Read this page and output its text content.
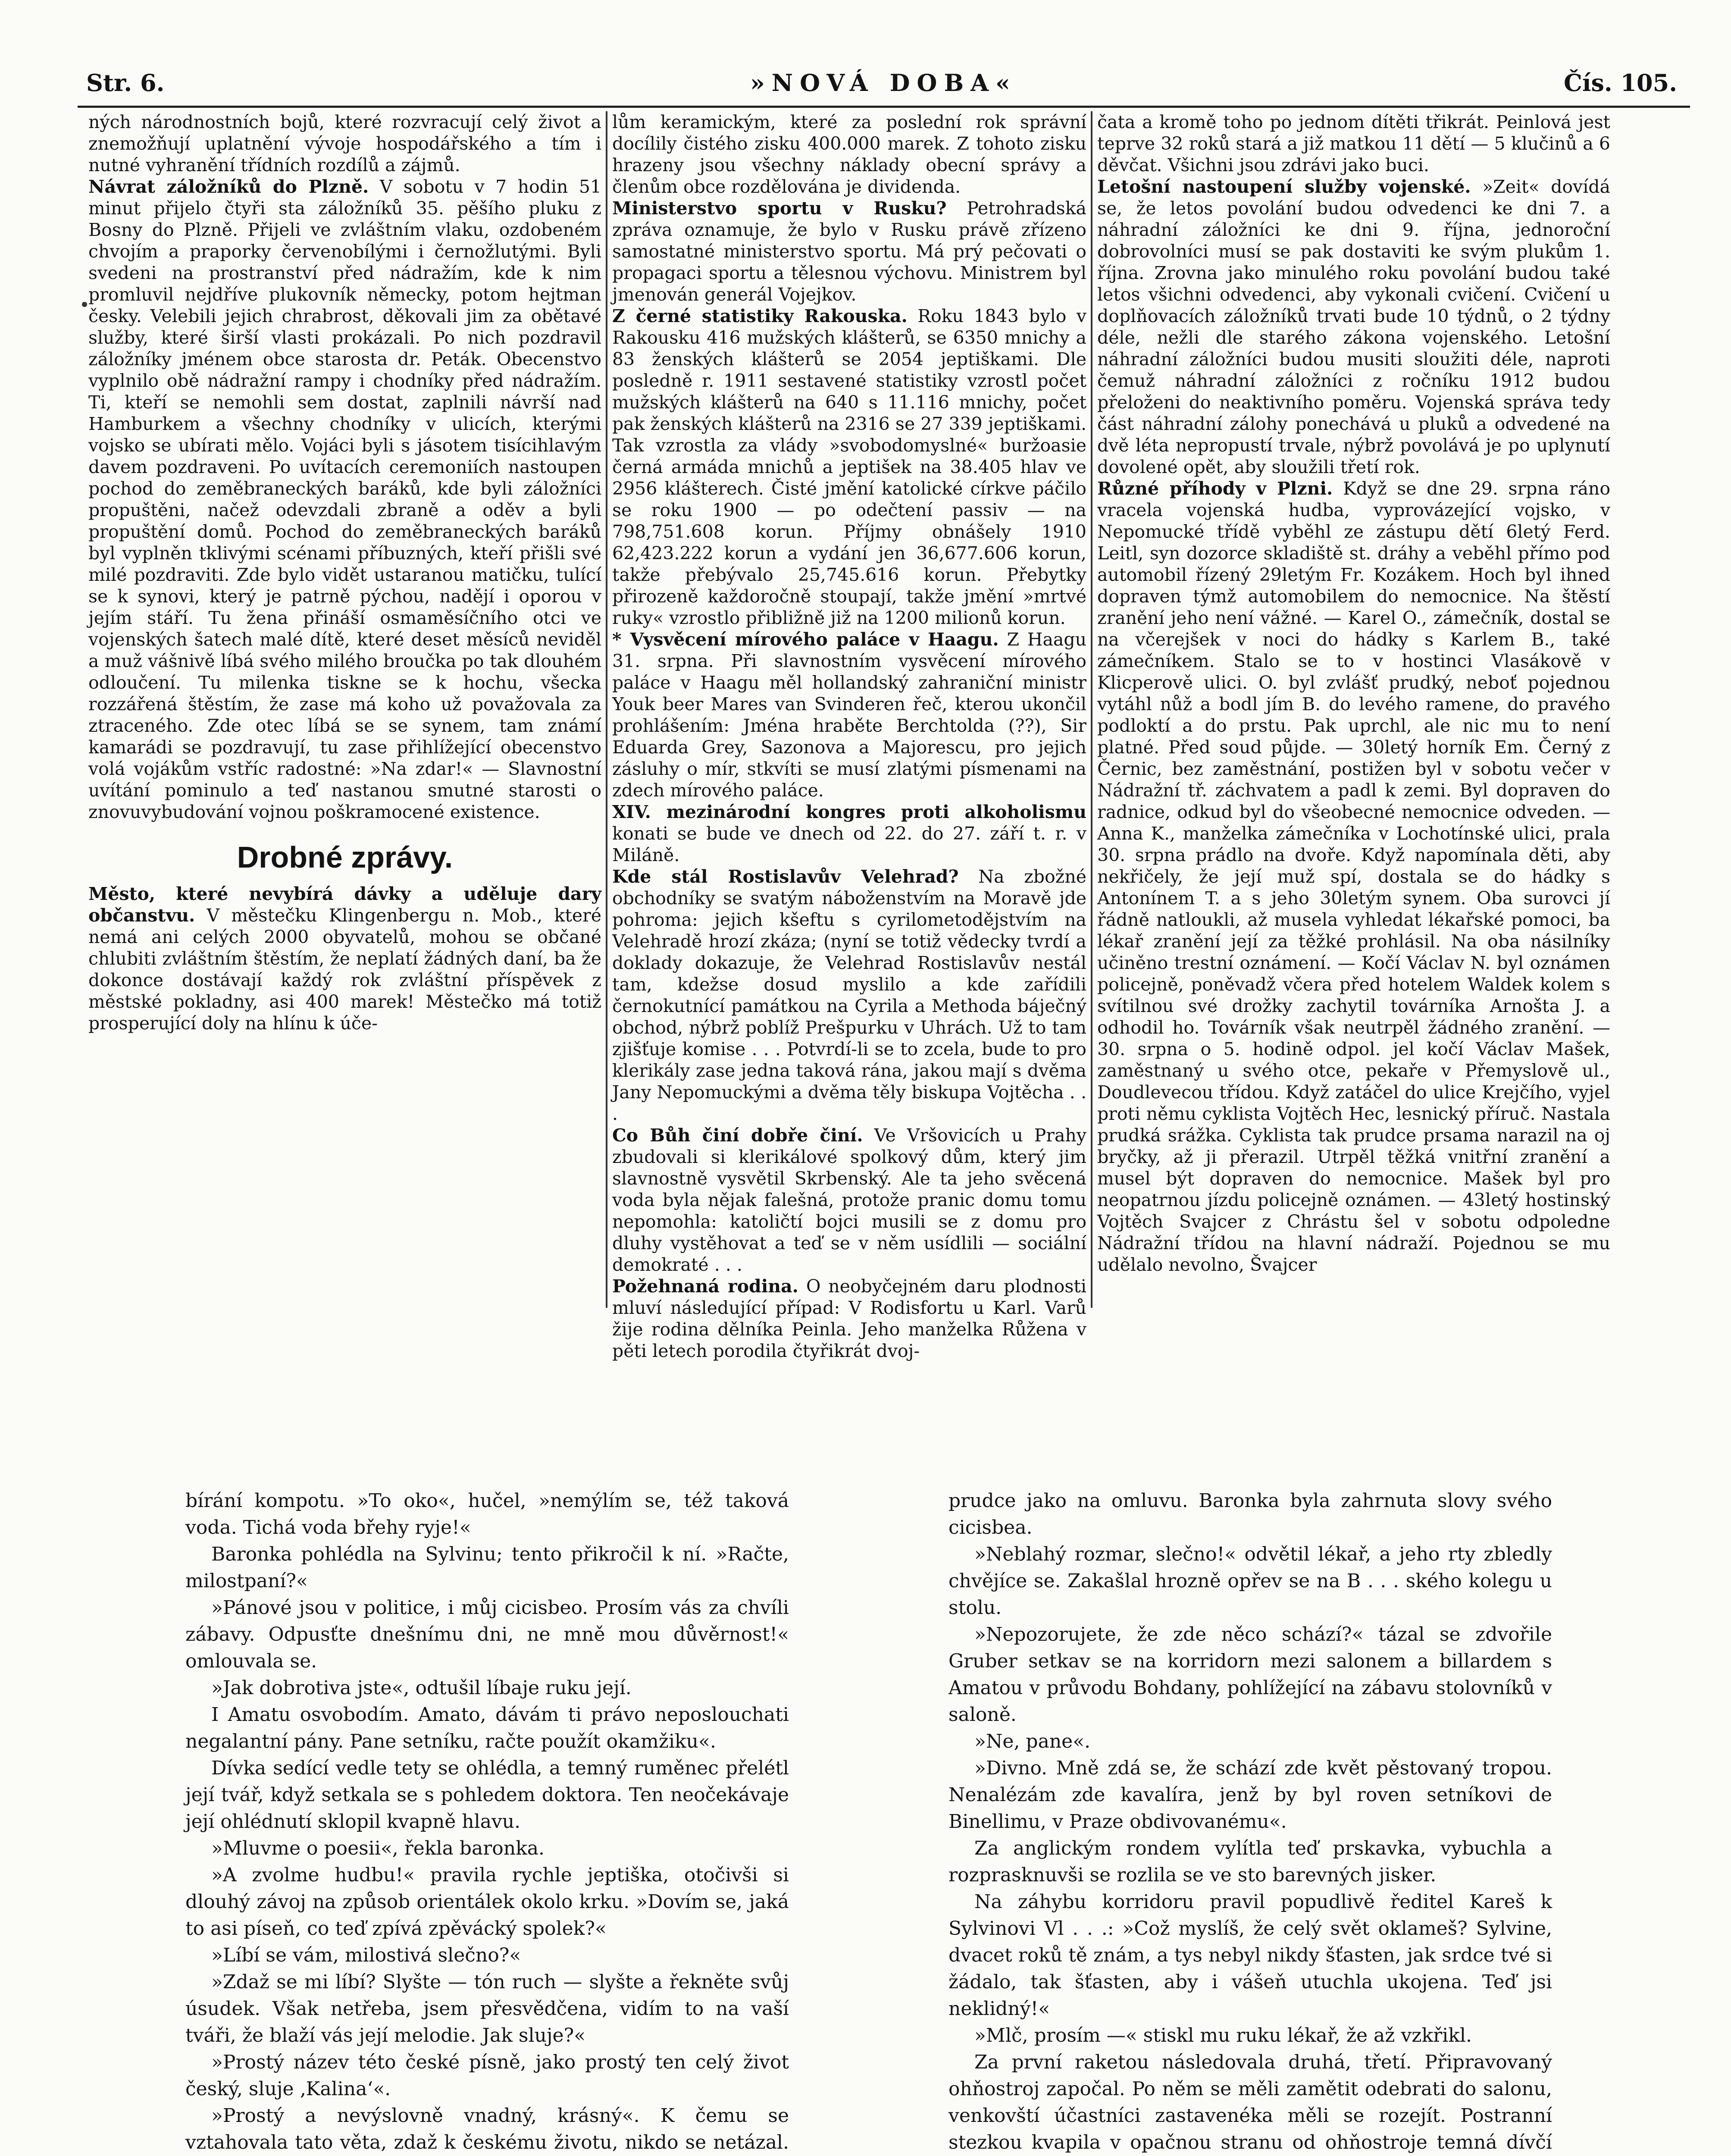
Str. 6.	»NOVÁ DOBA«	Čís. 105.

ných národnostních bojů, které rozvracují celý život a znemožňují uplatnění vývoje hospodářského a tím i nutné vyhranění třídních rozdílů a zájmů.

Návrat záložníků do Plzně. V sobotu v 7 hodin 51 minut přijelo čtyři sta záložníků 35. pěšího pluku z Bosny do Plzně. Přijeli ve zvláštním vlaku, ozdobeném chvojím a praporky červenobílými i černožlutými. Byli svedeni na prostranství před nádražím, kde k nim promluvil nejdříve plukovník německy, potom hejtman česky. Velebili jejich chrabrost, děkovali jim za obětavé služby, které širší vlasti prokázali. Po nich pozdravil záložníky jménem obce starosta dr. Peták. Obecenstvo vyplnilo obě nádražní rampy i chodníky před nádražím. Ti, kteří se nemohli sem dostat, zaplnili návrší nad Hamburkem a všechny chodníky v ulicích, kterými vojsko se ubírati mělo. Vojáci byli s jásotem tisícihlavým davem pozdraveni. Po uvítacích ceremoniích nastoupen pochod do zeměbraneckých baráků, kde byli záložníci propuštěni, načež odevzdali zbraně a oděv a byli propuštění domů. Pochod do zeměbraneckých baráků byl vyplněn tklivými scénami příbuzných, kteří přišli své milé pozdraviti. Zde bylo vidět ustaranou matičku, tulící se k synovi, který je patrně pýchou, nadějí i oporou v jejím stáří. Tu žena přináší osmaměsíčního otci ve vojenských šatech malé dítě, které deset měsíců neviděl a muž vášnivě líbá svého milého broučka po tak dlouhém odloučení. Tu milenka tiskne se k hochu, všecka rozzářená štěstím, že zase má koho už považovala za ztraceného. Zde otec líbá se se synem, tam známí kamarádi se pozdravují, tu zase přihlížející obecenstvo volá vojákům vstříc radostné: »Na zdar!« — Slavnostní uvítání pominulo a teď nastanou smutné starosti o znovuvybudování vojnou poškramocené existence.

Drobné zprávy.

Město, které nevybírá dávky a uděluje dary občanstvu. V městečku Klingenbergu n. Mob., které nemá ani celých 2000 obyvatelů, mohou se občané chlubiti zvláštním štěstím, že neplatí žádných daní, ba že dokonce dostávají každý rok zvláštní příspěvek z městské pokladny, asi 400 marek! Městečko má totiž prosperující doly na hlínu k úče-

lům keramickým, které za poslední rok správní docílily čistého zisku 400.000 marek. Z tohoto zisku hrazeny jsou všechny náklady obecní správy a členům obce rozdělována je dividenda.

Ministerstvo sportu v Rusku? Petrohradská zpráva oznamuje, že bylo v Rusku právě zřízeno samostatné ministerstvo sportu. Má prý pečovati o propagaci sportu a tělesnou výchovu. Ministrem byl jmenován generál Vojejkov.

Z černé statistiky Rakouska. Roku 1843 bylo v Rakousku 416 mužských klášterů, se 6350 mnichy a 83 ženských klášterů se 2054 jeptiškami. Dle posledně r. 1911 sestavené statistiky vzrostl počet mužských klášterů na 640 s 11.116 mnichy, počet pak ženských klášterů na 2316 se 27 339 jeptiškami. Tak vzrostla za vlády »svobodomyslné« buržoasie černá armáda mnichů a jeptišek na 38.405 hlav ve 2956 klášterech. Čisté jmění katolické církve páčilo se roku 1900 — po odečtení passiv — na 798,751.608 korun. Příjmy obnášely 1910 62,423.222 korun a vydání jen 36,677.606 korun, takže přebývalo 25,745.616 korun. Přebytky přirozeně každoročně stoupají, takže jmění »mrtvé ruky« vzrostlo přibližně již na 1200 milionů korun.

* Vysvěcení mírového paláce v Haagu. Z Haagu 31. srpna. Při slavnostním vysvěcení mírového paláce v Haagu měl hollandský zahraniční ministr Youk beer Mares van Svinderen řeč, kterou ukončil prohlášením: Jména hraběte Berchtolda (??), Sir Eduarda Grey, Sazonova a Majorescu, pro jejich zásluhy o mír, stkvíti se musí zlatými písmenami na zdech mírového paláce.

XIV. mezinárodní kongres proti alkoholismu konati se bude ve dnech od 22. do 27. září t. r. v Miláně.

Kde stál Rostislavův Velehrad? Na zbožné obchodníky se svatým náboženstvím na Moravě jde pohroma: jejich kšeftu s cyrilometodějstvím na Velehradě hrozí zkáza; (nyní se totiž vědecky tvrdí a doklady dokazuje, že Velehrad Rostislavův nestál tam, kdežse dosud myslilo a kde zařídili černokutnící památkou na Cyrila a Methoda báječný obchod, nýbrž poblíž Prešpurku v Uhrách. Už to tam zjišťuje komise . . . Potvrdí-li se to zcela, bude to pro klerikály zase jedna taková rána, jakou mají s dvěma Jany Nepomuckými a dvěma těly biskupa Vojtěcha . . .

Co Bůh činí dobře činí. Ve Vršovicích u Prahy zbudovali si klerikálové spolkový dům, který jim slavnostně vysvětil Skrbenský. Ale ta jeho svěcená voda byla nějak falešná, protože pranic domu tomu nepomohla: katoličtí bojci musili se z domu pro dluhy vystěhovat a teď se v něm usídlili — sociální demokraté . . .

Požehnaná rodina. O neobyčejném daru plodnosti mluví následující případ: V Rodisfortu u Karl. Varů žije rodina dělníka Peinla. Jeho manželka Růžena v pěti letech porodila čtyřikrát dvoj-

čata a kromě toho po jednom dítěti třikrát. Peinlová jest teprve 32 roků stará a již matkou 11 dětí — 5 klučinů a 6 děvčat. Všichni jsou zdrávi jako buci.

Letošní nastoupení služby vojenské. »Zeit« dovídá se, že letos povolání budou odvedenci ke dni 7. a náhradní záložníci ke dni 9. října, jednoroční dobrovolníci musí se pak dostaviti ke svým plukům 1. října. Zrovna jako minulého roku povolání budou také letos všichni odvedenci, aby vykonali cvičení. Cvičení u doplňovacích záložníků trvati bude 10 týdnů, o 2 týdny déle, nežli dle starého zákona vojenského. Letošní náhradní záložníci budou musiti sloužiti déle, naproti čemuž náhradní záložníci z ročníku 1912 budou přeloženi do neaktivního poměru. Vojenská správa tedy část náhradní zálohy ponechává u pluků a odvedené na dvě léta nepropustí trvale, nýbrž povolává je po uplynutí dovolené opět, aby sloužili třetí rok.

Různé příhody v Plzni. Když se dne 29. srpna ráno vracela vojenská hudba, vyprovázející vojsko, v Nepomucké třídě vyběhl ze zástupu dětí 6letý Ferd. Leitl, syn dozorce skladiště st. dráhy a veběhl přímo pod automobil řízený 29letým Fr. Kozákem. Hoch byl ihned dopraven týmž automobilem do nemocnice. Na štěstí zranění jeho není vážné. — Karel O., zámečník, dostal se na včerejšek v noci do hádky s Karlem B., také zámečníkem. Stalo se to v hostinci Vlasákově v Klicperově ulici. O. byl zvlášť prudký, neboť pojednou vytáhl nůž a bodl jím B. do levého ramene, do pravého podloktí a do prstu. Pak uprchl, ale nic mu to není platné. Před soud půjde. — 30letý horník Em. Černý z Černic, bez zaměstnání, postižen byl v sobotu večer v Nádražní tř. záchvatem a padl k zemi. Byl dopraven do radnice, odkud byl do všeobecné nemocnice odveden. — Anna K., manželka zámečníka v Lochotínské ulici, prala 30. srpna prádlo na dvoře. Když napomínala děti, aby nekřičely, že její muž spí, dostala se do hádky s Antonínem T. a s jeho 30letým synem. Oba surovci jí řádně natloukli, až musela vyhledat lékařské pomoci, ba lékař zranění její za těžké prohlásil. Na oba násilníky učiněno trestní oznámení. — Kočí Václav N. byl oznámen policejně, poněvadž včera před hotelem Waldek kolem s svítilnou své drožky zachytil továrníka Arnošta J. a odhodil ho. Továrník však neutrpěl žádného zranění. — 30. srpna o 5. hodině odpol. jel kočí Václav Mašek, zaměstnaný u svého otce, pekaře v Přemyslově ul., Doudlevecou třídou. Když zatáčel do ulice Krejčího, vyjel proti němu cyklista Vojtěch Hec, lesnický příruč. Nastala prudká srážka. Cyklista tak prudce prsama narazil na oj bryčky, až ji přerazil. Utrpěl těžká vnitřní zranění a musel být dopraven do nemocnice. Mašek byl pro neopatrnou jízdu policejně oznámen. — 43letý hostinský Vojtěch Svajcer z Chrástu šel v sobotu odpoledne Nádražní třídou na hlavní nádraží. Pojednou se mu udělalo nevolno, Švajcer

bírání kompotu. »To oko«, hučel, »nemýlím se, též taková voda. Tichá voda břehy ryje!«

Baronka pohlédla na Sylvinu; tento přikročil k ní. »Račte, milostpaní?«

»Pánové jsou v politice, i můj cicisbeo. Prosím vás za chvíli zábavy. Odpusťte dnešnímu dni, ne mně mou důvěrnost!« omlouvala se.

»Jak dobrotiva jste«, odtušil líbaje ruku její.

I Amatu osvobodím. Amato, dávám ti právo neposlouchati negalantní pány. Pane setníku, račte použít okamžiku«.

Dívka sedící vedle tety se ohlédla, a temný ruměnec přelétl její tvář, když setkala se s pohledem doktora. Ten neočekávaje její ohlédnutí sklopil kvapně hlavu.

»Mluvme o poesii«, řekla baronka.

»A zvolme hudbu!« pravila rychle jeptiška, otočivši si dlouhý závoj na způsob orientálek okolo krku. »Dovím se, jaká to asi píseň, co teď zpívá zpěvácký spolek?«

»Líbí se vám, milostivá slečno?«

»Zdaž se mi líbí? Slyšte — tón ruch — slyšte a řekněte svůj úsudek. Však netřeba, jsem přesvědčena, vidím to na vaší tváři, že blaží vás její melodie. Jak sluje?«

»Prostý název této české písně, jako prostý ten celý život český, sluje ‚Kalina‘«.

»Prostý a nevýslovně vnadný, krásný«. K čemu se vztahovala tato věta, zdaž k českému životu, nikdo se netázal.

prudce jako na omluvu. Baronka byla zahrnuta slovy svého cicisbea.

»Neblahý rozmar, slečno!« odvětil lékař, a jeho rty zbledly chvějíce se. Zakašlal hrozně opřev se na B . . . ského kolegu u stolu.

»Nepozorujete, že zde něco schází?« tázal se zdvořile Gruber setkav se na korridorn mezi salonem a billardem s Amatou v průvodu Bohdany, pohlížející na zábavu stolovníků v saloně.

»Ne, pane«.

»Divno. Mně zdá se, že schází zde květ pěstovaný tropou. Nenalézám zde kavalíra, jenž by byl roven setníkovi de Binellimu, v Praze obdivovanému«.

Za anglickým rondem vylítla teď prskavka, vybuchla a rozprasknuvši se rozlila se ve sto barevných jisker.

Na záhybu korridoru pravil popudlivě ředitel Kareš k Sylvinovi Vl . . .: »Což myslíš, že celý svět oklameš? Sylvine, dvacet roků tě znám, a tys nebyl nikdy šťasten, jak srdce tvé si žádalo, tak šťasten, aby i vášeň utuchla ukojena. Teď jsi neklidný!«

»Mlč, prosím —« stiskl mu ruku lékař, že až vzkřikl.

Za první raketou následovala druhá, třetí. Připravovaný ohňostroj započal. Po něm se měli zamětit odebrati do salonu, venkovští účastníci zastavenéka měli se rozejít. Postranní stezkou kvapila v opačnou stranu od ohňostroje temná dívčí
